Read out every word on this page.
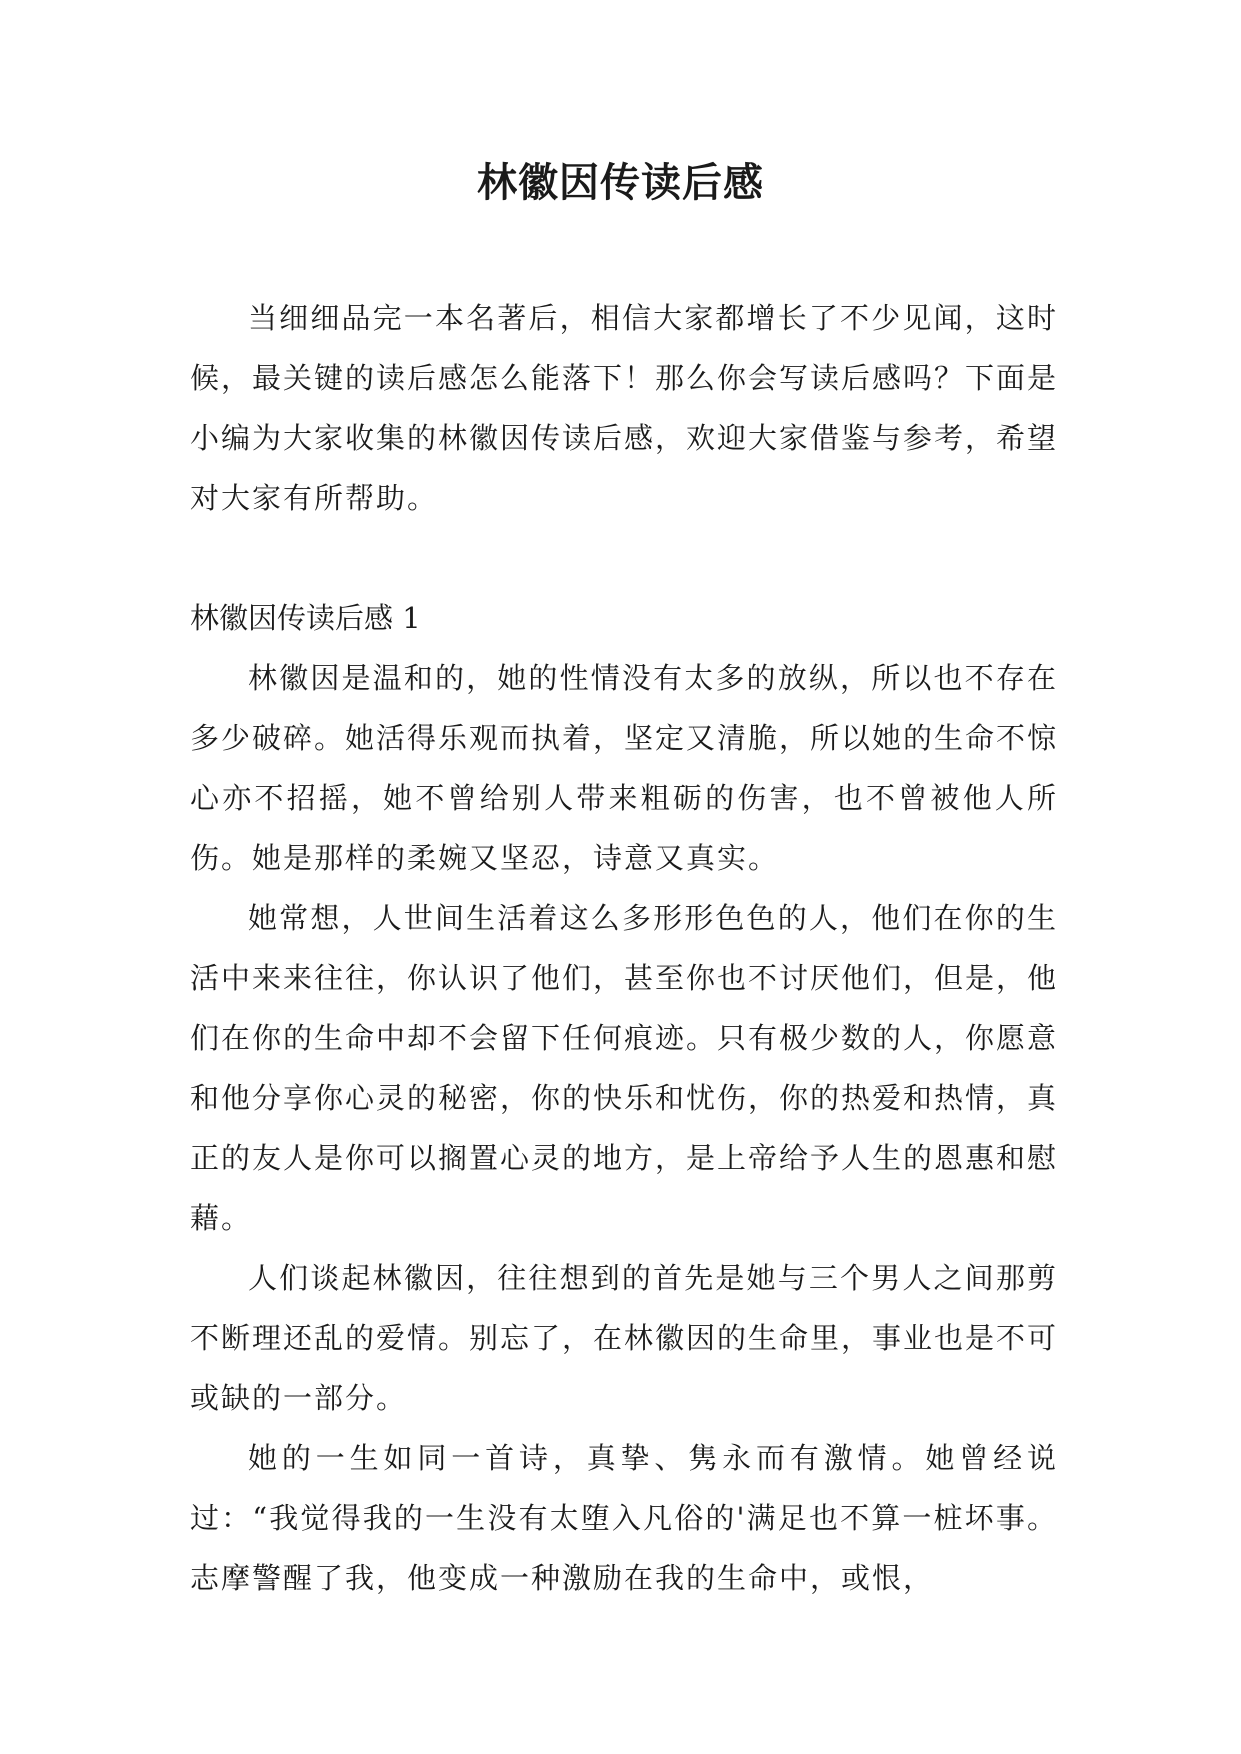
林徽因传读后感

当细细品完一本名著后，相信大家都增长了不少见闻，这时候，最关键的读后感怎么能落下！那么你会写读后感吗？下面是小编为大家收集的林徽因传读后感，欢迎大家借鉴与参考，希望对大家有所帮助。

林徽因传读后感 1

林徽因是温和的，她的性情没有太多的放纵，所以也不存在多少破碎。她活得乐观而执着，坚定又清脆，所以她的生命不惊心亦不招摇，她不曾给别人带来粗砺的伤害，也不曾被他人所伤。她是那样的柔婉又坚忍，诗意又真实。

她常想，人世间生活着这么多形形色色的人，他们在你的生活中来来往往，你认识了他们，甚至你也不讨厌他们，但是，他们在你的生命中却不会留下任何痕迹。只有极少数的人，你愿意和他分享你心灵的秘密，你的快乐和忧伤，你的热爱和热情，真正的友人是你可以搁置心灵的地方，是上帝给予人生的恩惠和慰藉。

人们谈起林徽因，往往想到的首先是她与三个男人之间那剪不断理还乱的爱情。别忘了，在林徽因的生命里，事业也是不可或缺的一部分。

她的一生如同一首诗，真挚、隽永而有激情。她曾经说过：“我觉得我的一生没有太堕入凡俗的'满足也不算一桩坏事。志摩警醒了我，他变成一种激励在我的生命中，或恨，
